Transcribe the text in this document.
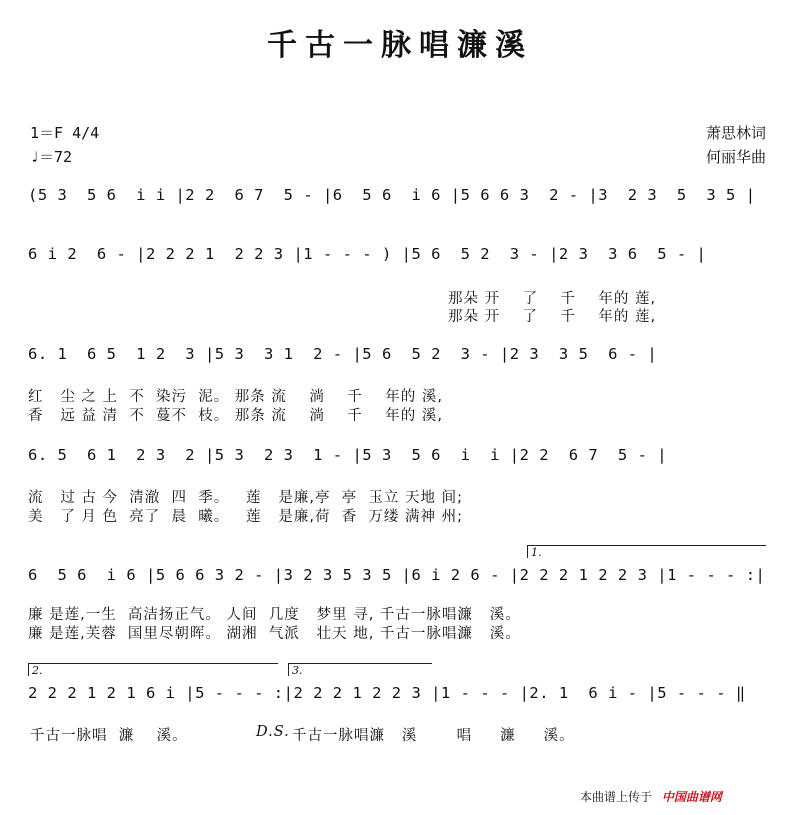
千古一脉唱濂溪
1＝F 4/4
♩＝72
萧思林词
何丽华曲
(5 3  5 6  i i |2 2  6 7  5 - |6  5 6  i 6 |5 6 6 3  2 - |3  2 3  5  3 5 |
6 i 2  6 - |2 2 2 1  2 2 3 |1 - - - ) |5 6  5 2  3 - |2 3  3 6  5 - |
那朵 开    了    千    年的 莲,
那朵 开    了    千    年的 莲,
6. 1  6 5  1 2  3 |5 3  3 1  2 - |5 6  5 2  3 - |2 3  3 5  6 - |
红   尘 之 上  不  染污  泥。 那条 流    淌    千    年的 溪,
香   远 益 清  不  蔓不  枝。 那条 流    淌    千    年的 溪,
6. 5  6 1  2 3  2 |5 3  2 3  1 - |5 3  5 6  i  i |2 2  6 7  5 - |
流   过 古 今  清澈  四  季。   莲   是廉,亭  亭  玉立 天地 间;
美   了 月 色  亮了  晨  曦。   莲   是廉,荷  香  万缕 满神 州;
1.
6  5 6  i 6 |5 6 6 3 2 - |3 2 3 5 3 5 |6 i 2 6 - |2 2 2 1 2 2 3 |1 - - - :|
廉 是莲,一生  高洁扬正气。 人间  几度   梦里 寻, 千古一脉唱濂   溪。
廉 是莲,芙蓉  国里尽朝晖。 湖湘  气派   壮天 地, 千古一脉唱濂   溪。
2.	3.
2 2 2 1 2 1 6 i |5 - - - :|2 2 2 1 2 2 3 |1 - - - |2. 1  6 i - |5 - - - ‖
千古一脉唱  濂    溪。	D.S. 千古一脉唱濂   溪       唱     濂     溪。
本曲谱上传于 中国曲谱网
